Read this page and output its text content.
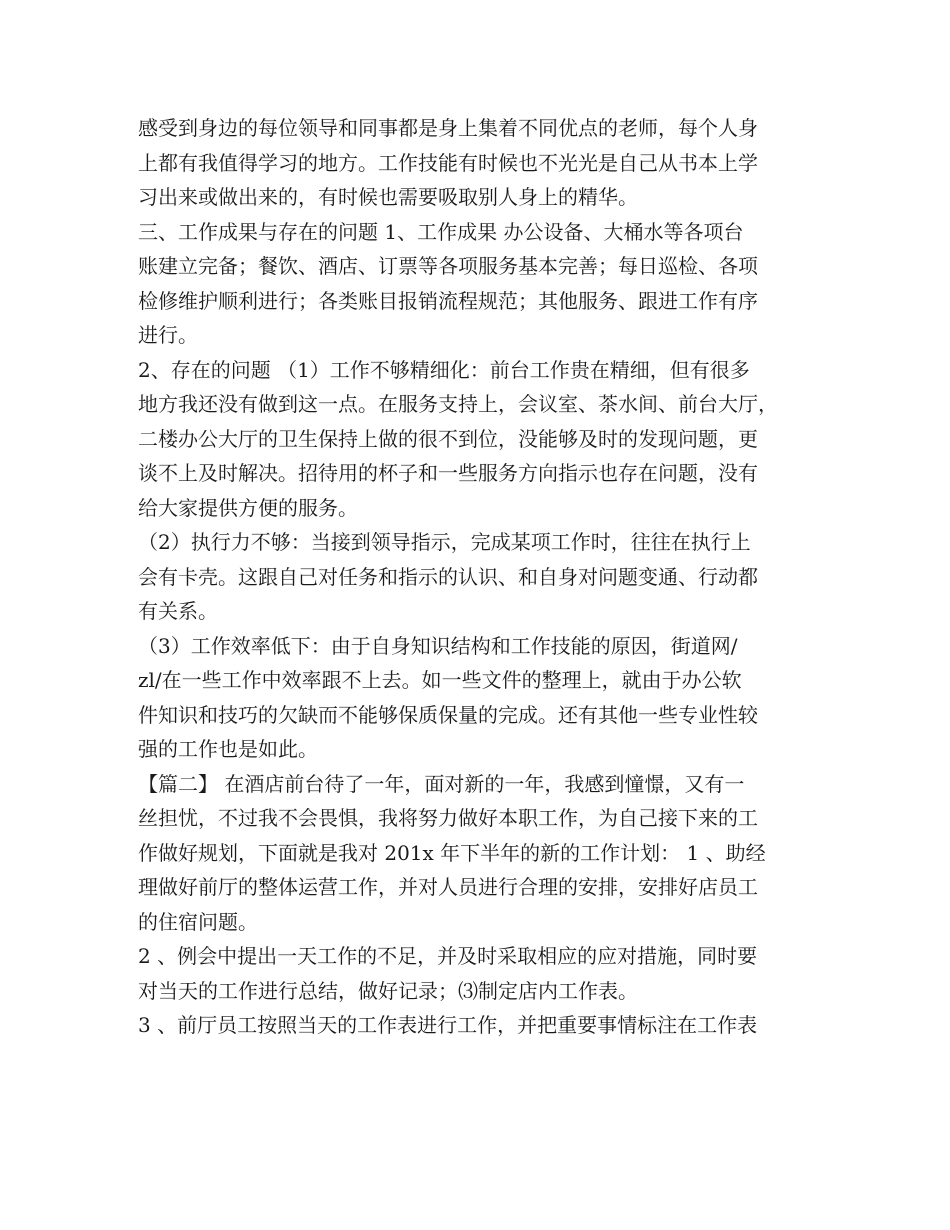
感受到身边的每位领导和同事都是身上集着不同优点的老师，每个人身
上都有我值得学习的地方。工作技能有时候也不光光是自己从书本上学
习出来或做出来的，有时候也需要吸取别人身上的精华。
三、工作成果与存在的问题 1、工作成果 办公设备、大桶水等各项台
账建立完备；餐饮、酒店、订票等各项服务基本完善；每日巡检、各项
检修维护顺利进行；各类账目报销流程规范；其他服务、跟进工作有序
进行。
2、存在的问题 （1）工作不够精细化：前台工作贵在精细，但有很多
地方我还没有做到这一点。在服务支持上，会议室、茶水间、前台大厅，
二楼办公大厅的卫生保持上做的很不到位，没能够及时的发现问题，更
谈不上及时解决。招待用的杯子和一些服务方向指示也存在问题，没有
给大家提供方便的服务。
（2）执行力不够：当接到领导指示，完成某项工作时，往往在执行上
会有卡壳。这跟自己对任务和指示的认识、和自身对问题变通、行动都
有关系。
（3）工作效率低下：由于自身知识结构和工作技能的原因，街道网/
zl/在一些工作中效率跟不上去。如一些文件的整理上，就由于办公软
件知识和技巧的欠缺而不能够保质保量的完成。还有其他一些专业性较
强的工作也是如此。
【篇二】 在酒店前台待了一年，面对新的一年，我感到憧憬，又有一
丝担忧，不过我不会畏惧，我将努力做好本职工作，为自己接下来的工
作做好规划，下面就是我对 201x 年下半年的新的工作计划： 1 、助经
理做好前厅的整体运营工作，并对人员进行合理的安排，安排好店员工
的住宿问题。
2 、例会中提出一天工作的不足，并及时采取相应的应对措施，同时要
对当天的工作进行总结，做好记录；⑶制定店内工作表。
3 、前厅员工按照当天的工作表进行工作，并把重要事情标注在工作表
